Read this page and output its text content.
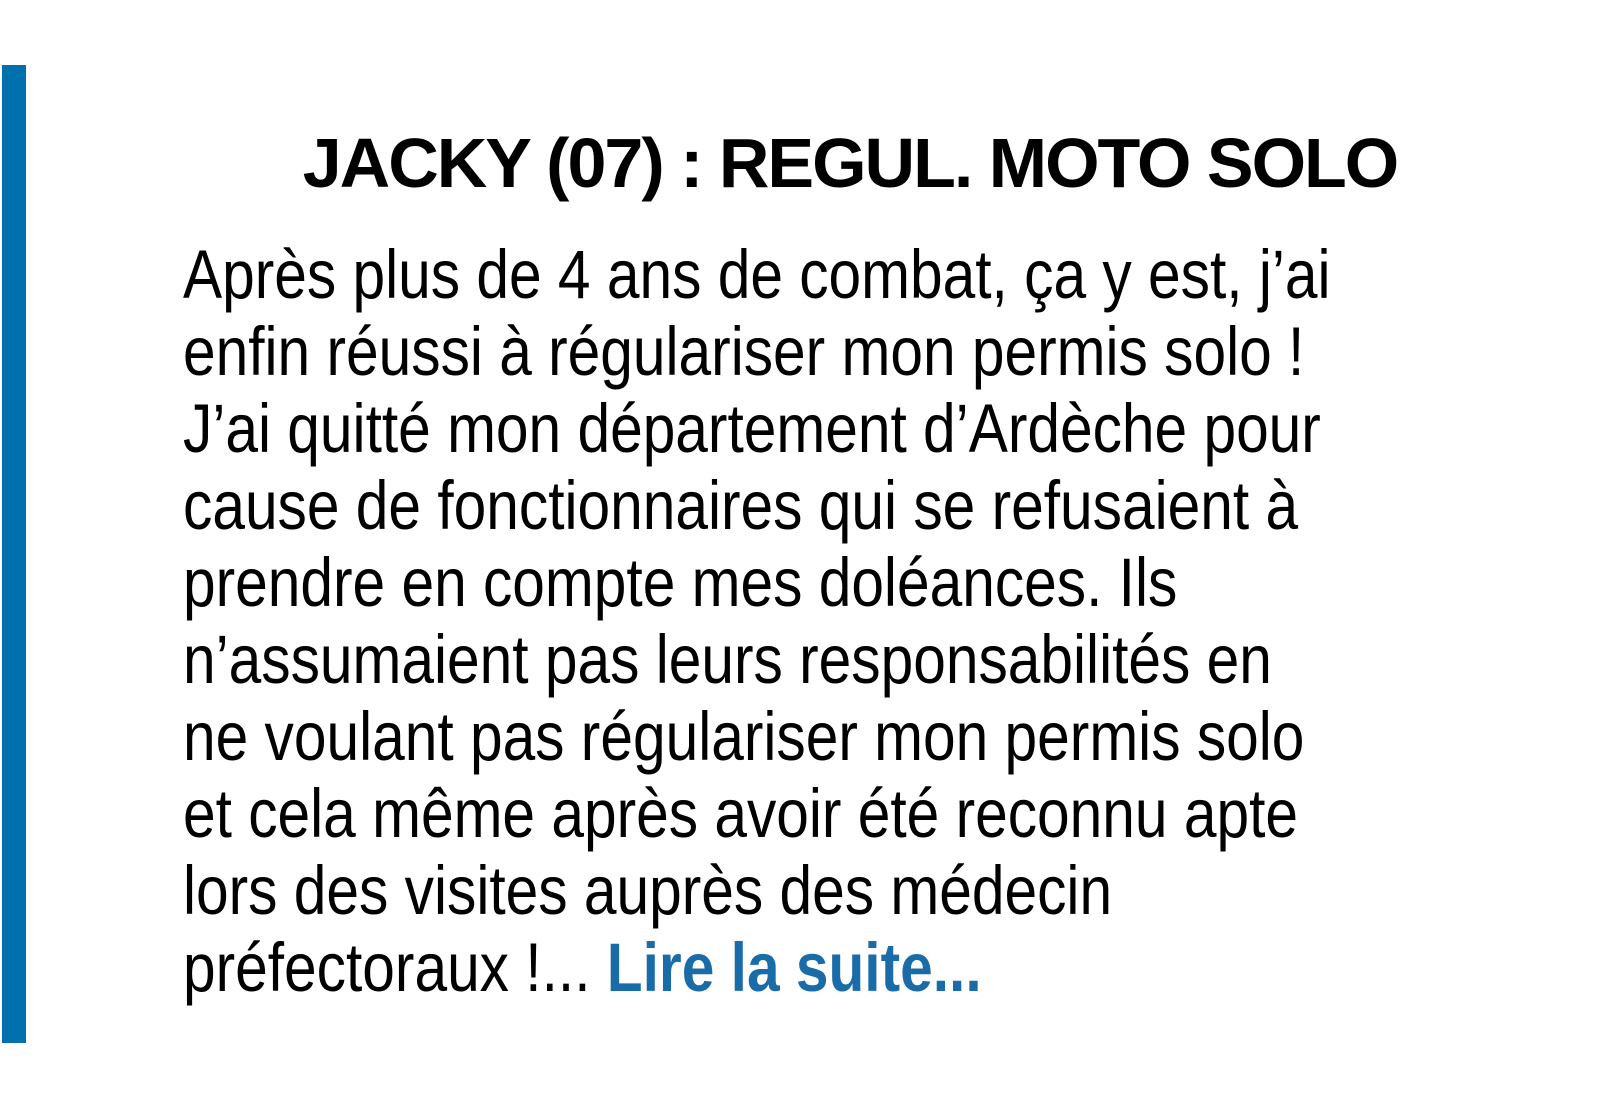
JACKY (07) : REGUL. MOTO SOLO
Après plus de 4 ans de combat, ça y est, j’ai
enfin réussi à régulariser mon permis solo !
J’ai quitté mon département d’Ardèche pour
cause de fonctionnaires qui se refusaient à
prendre en compte mes doléances. Ils
n’assumaient pas leurs responsabilités en
ne voulant pas régulariser mon permis solo
et cela même après avoir été reconnu apte
lors des visites auprès des médecin
préfectoraux !... Lire la suite...
